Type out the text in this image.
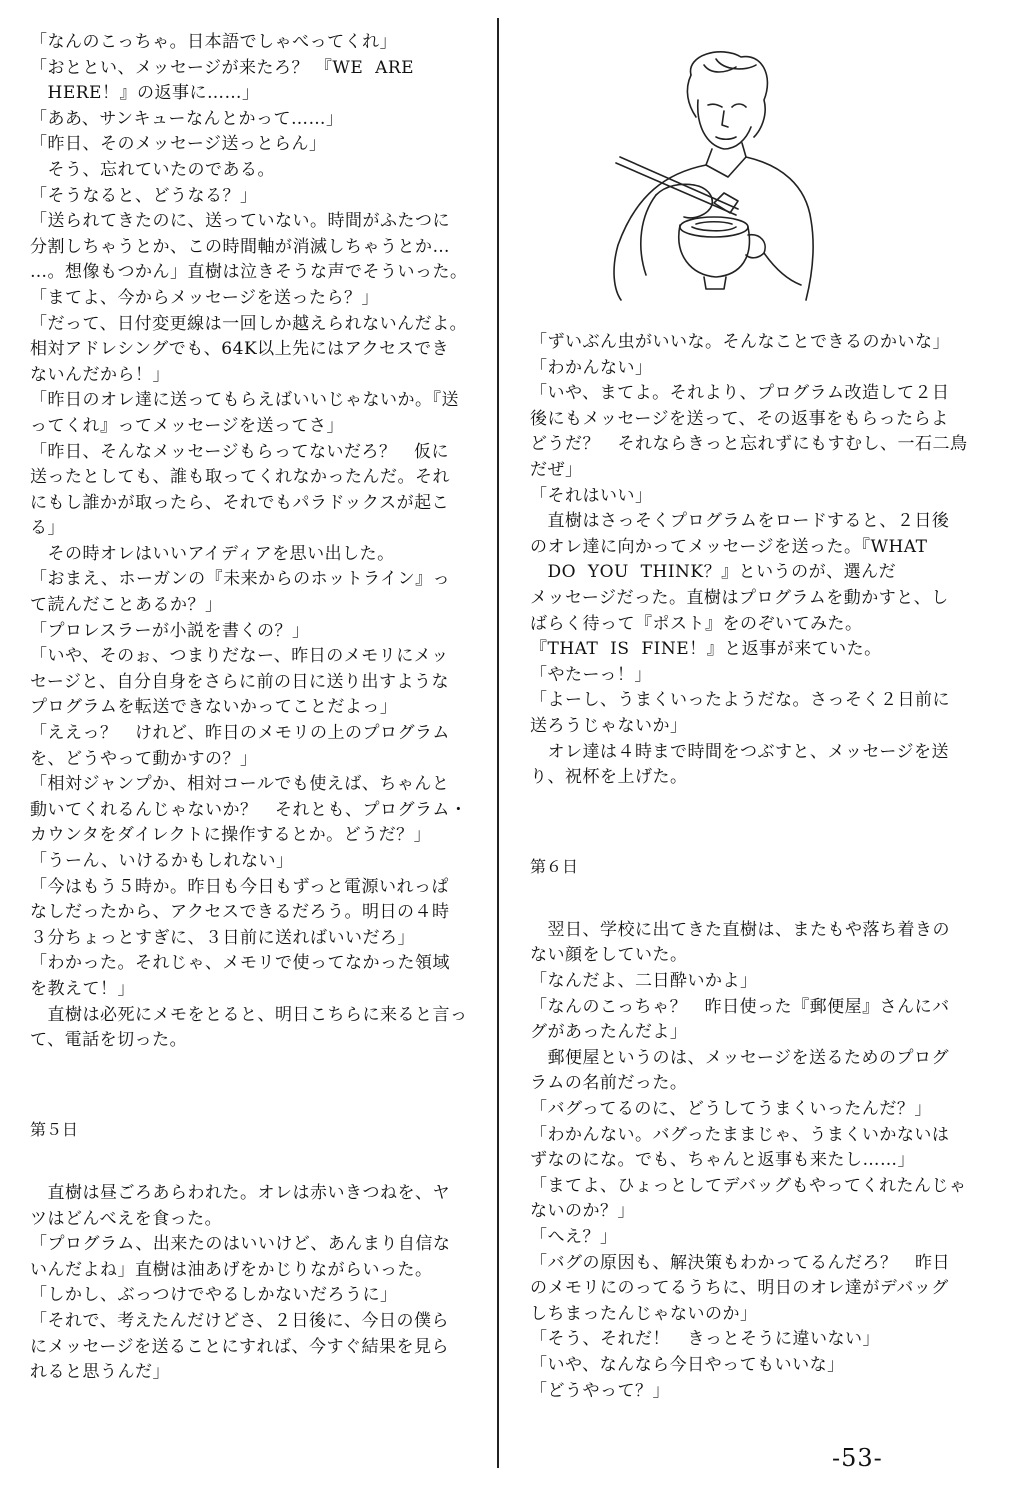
「なんのこっちゃ。日本語でしゃべってくれ」
「おととい、メッセージが来たろ？ 『WE  ARE
　HERE！』の返事に……」
「ああ、サンキューなんとかって……」
「昨日、そのメッセージ送っとらん」
　そう、忘れていたのである。
「そうなると、どうなる？」
「送られてきたのに、送っていない。時間がふたつに
分割しちゃうとか、この時間軸が消滅しちゃうとか…
…。想像もつかん」直樹は泣きそうな声でそういった。
「まてよ、今からメッセージを送ったら？」
「だって、日付変更線は一回しか越えられないんだよ。
相対アドレシングでも、64K以上先にはアクセスでき
ないんだから！」
「昨日のオレ達に送ってもらえばいいじゃないか。『送
ってくれ』ってメッセージを送ってさ」
「昨日、そんなメッセージもらってないだろ？　仮に
送ったとしても、誰も取ってくれなかったんだ。それ
にもし誰かが取ったら、それでもパラドックスが起こ
る」
　その時オレはいいアイディアを思い出した。
「おまえ、ホーガンの『未来からのホットライン』っ
て読んだことあるか？」
「プロレスラーが小説を書くの？」
「いや、そのぉ、つまりだなー、昨日のメモリにメッ
セージと、自分自身をさらに前の日に送り出すような
プログラムを転送できないかってことだよっ」
「ええっ？　けれど、昨日のメモリの上のプログラム
を、どうやって動かすの？」
「相対ジャンプか、相対コールでも使えば、ちゃんと
動いてくれるんじゃないか？　それとも、プログラム・
カウンタをダイレクトに操作するとか。どうだ？」
「うーん、いけるかもしれない」
「今はもう５時か。昨日も今日もずっと電源いれっぱ
なしだったから、アクセスできるだろう。明日の４時
３分ちょっとすぎに、３日前に送ればいいだろ」
「わかった。それじゃ、メモリで使ってなかった領域
を教えて！」
　直樹は必死にメモをとると、明日こちらに来ると言っ
て、電話を切った。
第５日
　直樹は昼ごろあらわれた。オレは赤いきつねを、ヤ
ツはどんべえを食った。
「プログラム、出来たのはいいけど、あんまり自信な
いんだよね」直樹は油あげをかじりながらいった。
「しかし、ぶっつけでやるしかないだろうに」
「それで、考えたんだけどさ、２日後に、今日の僕ら
にメッセージを送ることにすれば、今すぐ結果を見ら
れると思うんだ」
「ずいぶん虫がいいな。そんなことできるのかいな」
「わかんない」
「いや、まてよ。それより、プログラム改造して２日
後にもメッセージを送って、その返事をもらったらよ
どうだ？　それならきっと忘れずにもすむし、一石二鳥
だぜ」
「それはいい」
　直樹はさっそくプログラムをロードすると、２日後
のオレ達に向かってメッセージを送った。『WHAT
　DO  YOU  THINK？』というのが、選んだ
メッセージだった。直樹はプログラムを動かすと、し
ばらく待って『ポスト』をのぞいてみた。
『THAT  IS  FINE！』と返事が来ていた。
「やたーっ！」
「よーし、うまくいったようだな。さっそく２日前に
送ろうじゃないか」
　オレ達は４時まで時間をつぶすと、メッセージを送
り、祝杯を上げた。
第６日
　翌日、学校に出てきた直樹は、またもや落ち着きの
ない顔をしていた。
「なんだよ、二日酔いかよ」
「なんのこっちゃ？　昨日使った『郵便屋』さんにバ
グがあったんだよ」
　郵便屋というのは、メッセージを送るためのプログ
ラムの名前だった。
「バグってるのに、どうしてうまくいったんだ？」
「わかんない。バグったままじゃ、うまくいかないは
ずなのにな。でも、ちゃんと返事も来たし……」
「まてよ、ひょっとしてデバッグもやってくれたんじゃ
ないのか？」
「へえ？」
「バグの原因も、解決策もわかってるんだろ？　昨日
のメモリにのってるうちに、明日のオレ達がデバッグ
しちまったんじゃないのか」
「そう、それだ！　きっとそうに違いない」
「いや、なんなら今日やってもいいな」
「どうやって？」
-53-
